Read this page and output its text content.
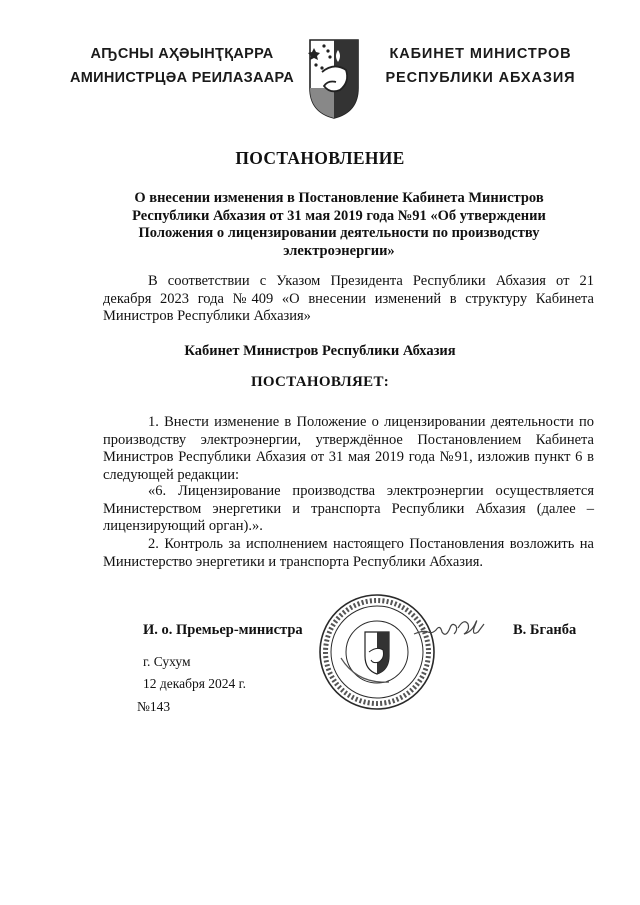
АҦСНЫ АҲӘЫНҬҚАРРА
АМИНИСТРЦӘА РЕИЛАЗААРА
КАБИНЕТ МИНИСТРОВ
РЕСПУБЛИКИ АБХАЗИЯ
ПОСТАНОВЛЕНИЕ
О внесении изменения в Постановление Кабинета Министров Республики Абхазия от 31 мая 2019 года №91 «Об утверждении Положения о лицензировании деятельности по производству электроэнергии»
В соответствии с Указом Президента Республики Абхазия от 21 декабря 2023 года №409 «О внесении изменений в структуру Кабинета Министров Республики Абхазия»
Кабинет Министров Республики Абхазия
ПОСТАНОВЛЯЕТ:
1. Внести изменение в Положение о лицензировании деятельности по производству электроэнергии, утверждённое Постановлением Кабинета Министров Республики Абхазия от 31 мая 2019 года №91, изложив пункт 6 в следующей редакции:
«6. Лицензирование производства электроэнергии осуществляется Министерством энергетики и транспорта Республики Абхазия (далее – лицензирующий орган).».
2. Контроль за исполнением настоящего Постановления возложить на Министерство энергетики и транспорта Республики Абхазия.
И. о. Премьер-министра	В. Бганба
г. Сухум
12 декабря 2024 г.
№143
